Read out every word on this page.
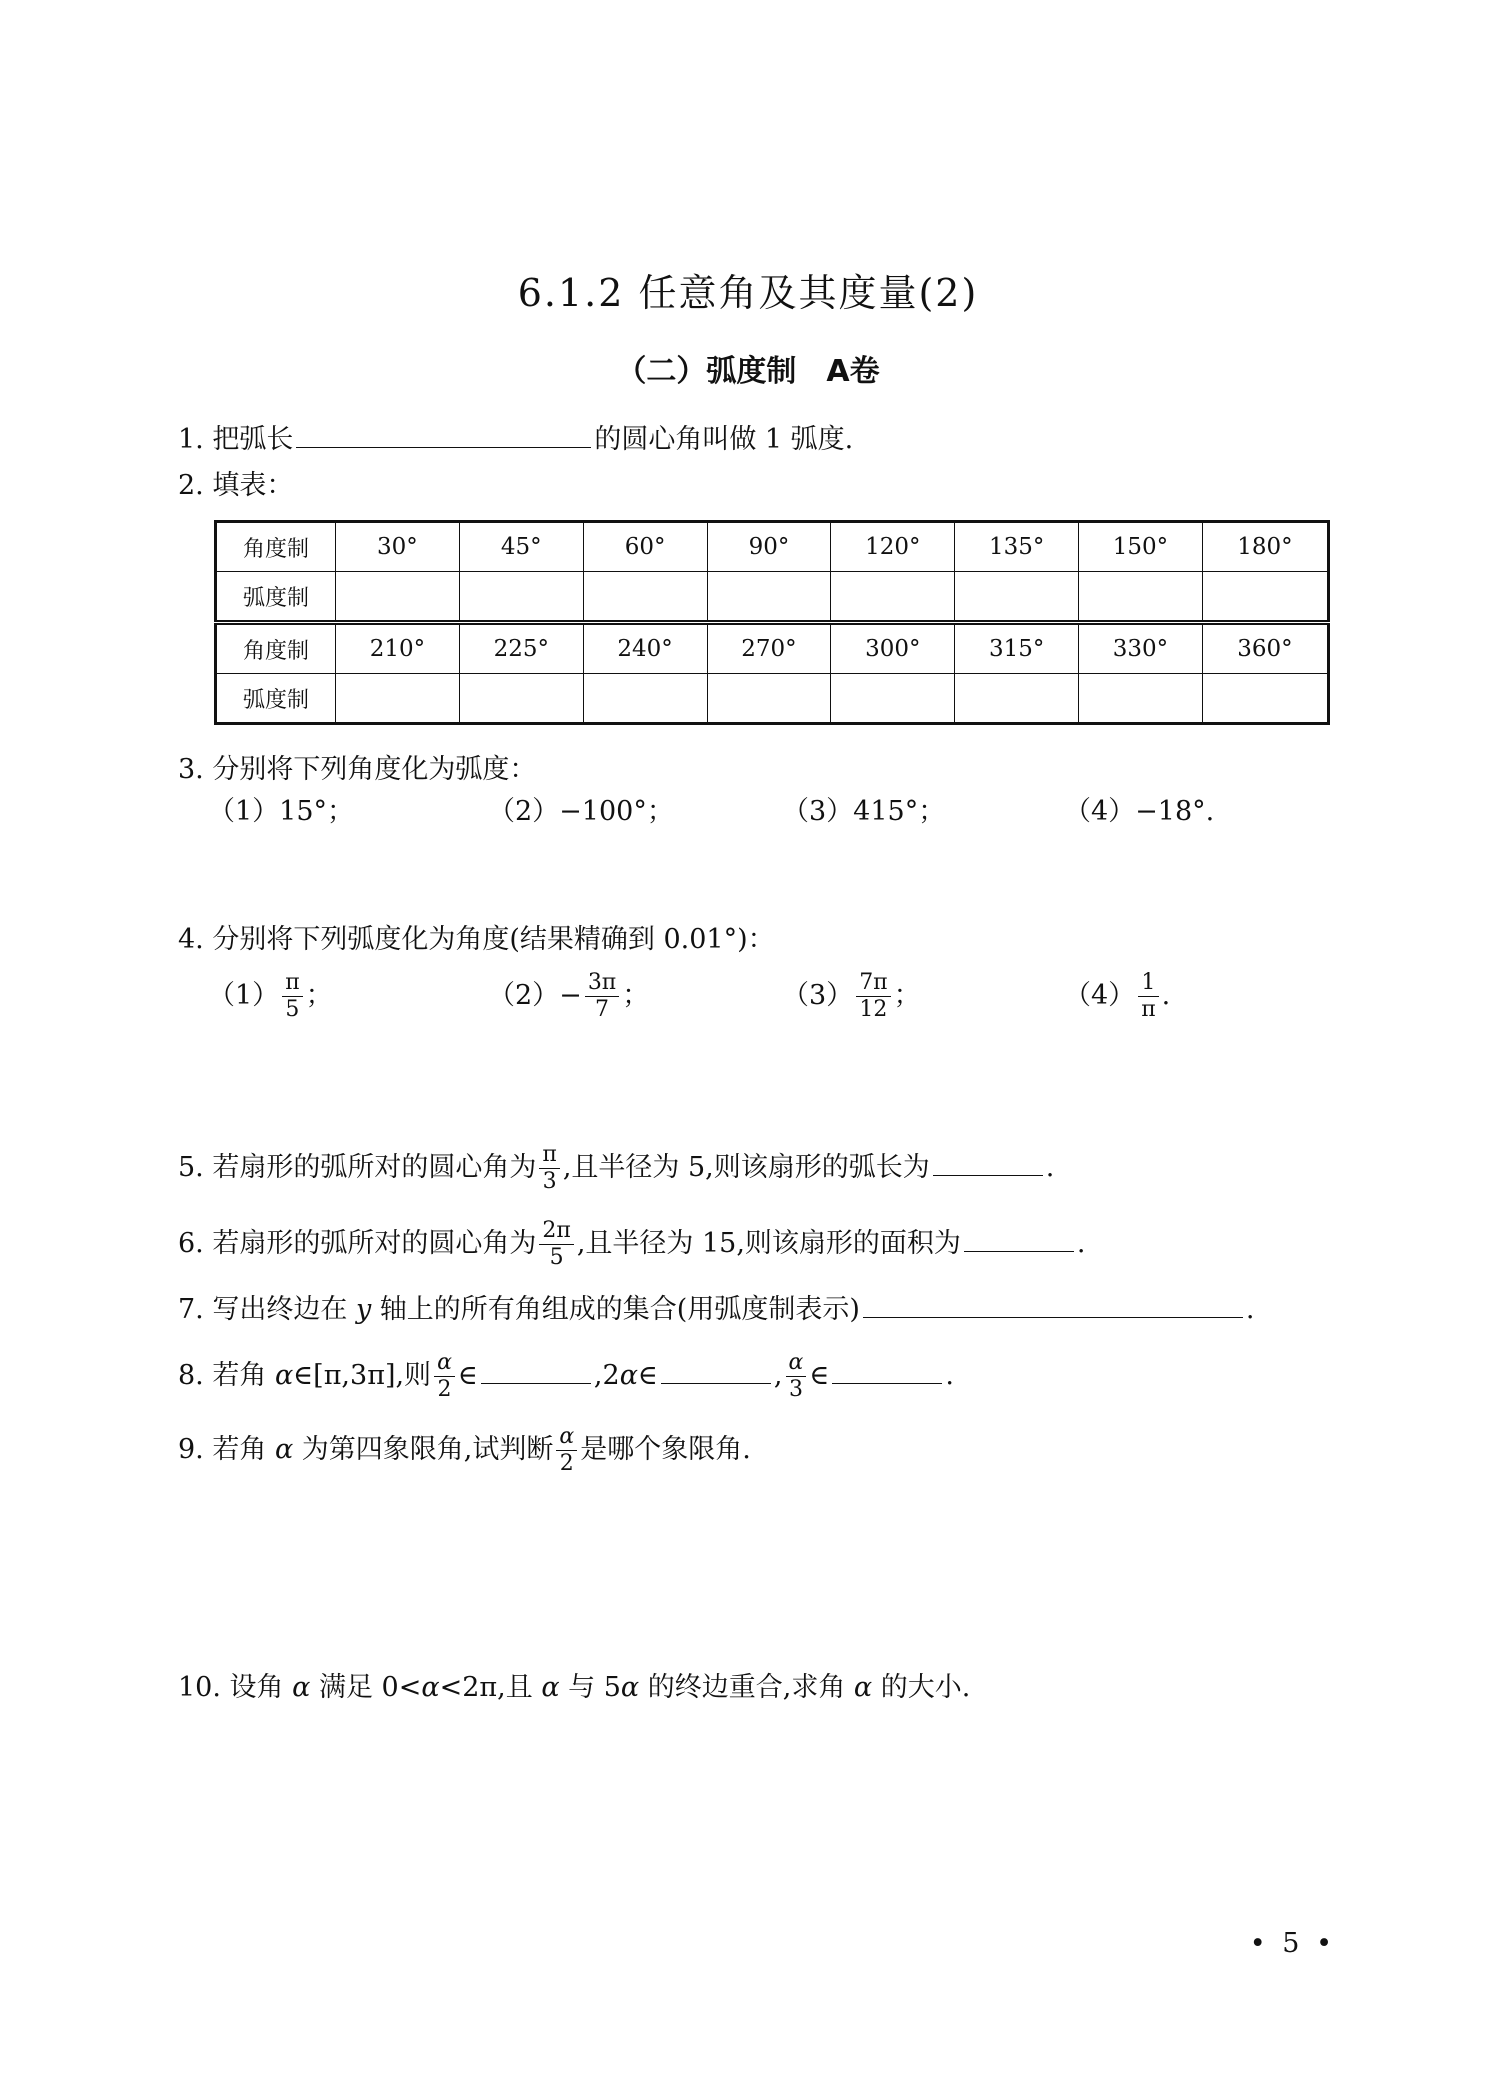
6.1.2 任意角及其度量(2)
（二）弧度制　A卷
1. 把弧长	的圆心角叫做 1 弧度.
2. 填表：
角度制	30°	45°	60°	90°	120°	135°	150°	180°
弧度制								
角度制	210°	225°	240°	270°	300°	315°	330°	360°
弧度制								
3. 分别将下列角度化为弧度：
（1）15°；	（2）−100°；	（3）415°；	（4）−18°.
4. 分别将下列弧度化为角度(结果精确到 0.01°)：
$(1) \frac{\pi}{5}$ ；	$(2)- \frac{3\pi}{7}$ ；	$(3) \frac{7\pi}{12}$ ；	$(4) \frac{1}{\pi}$ .
5. 若扇形的弧所对的圆心角为 $\frac{\pi}{3}$ ,且半径为 5,则该扇形的弧长为	.
6. 若扇形的弧所对的圆心角为 $\frac{2\pi}{5}$ ,且半径为 15,则该扇形的面积为	.
7. 写出终边在 y 轴上的所有角组成的集合(用弧度制表示)	.
8. 若角 α∈[π,3π],则 $\frac{\alpha}{2}$ ∈	,2α∈	, $\frac{\alpha}{3}$ ∈	.
9. 若角 α 为第四象限角,试判断 $\frac{\alpha}{2}$ 是哪个象限角.
10. 设角 α 满足 0<α<2π,且 α 与 5α 的终边重合,求角 α 的大小.
• 5 •
